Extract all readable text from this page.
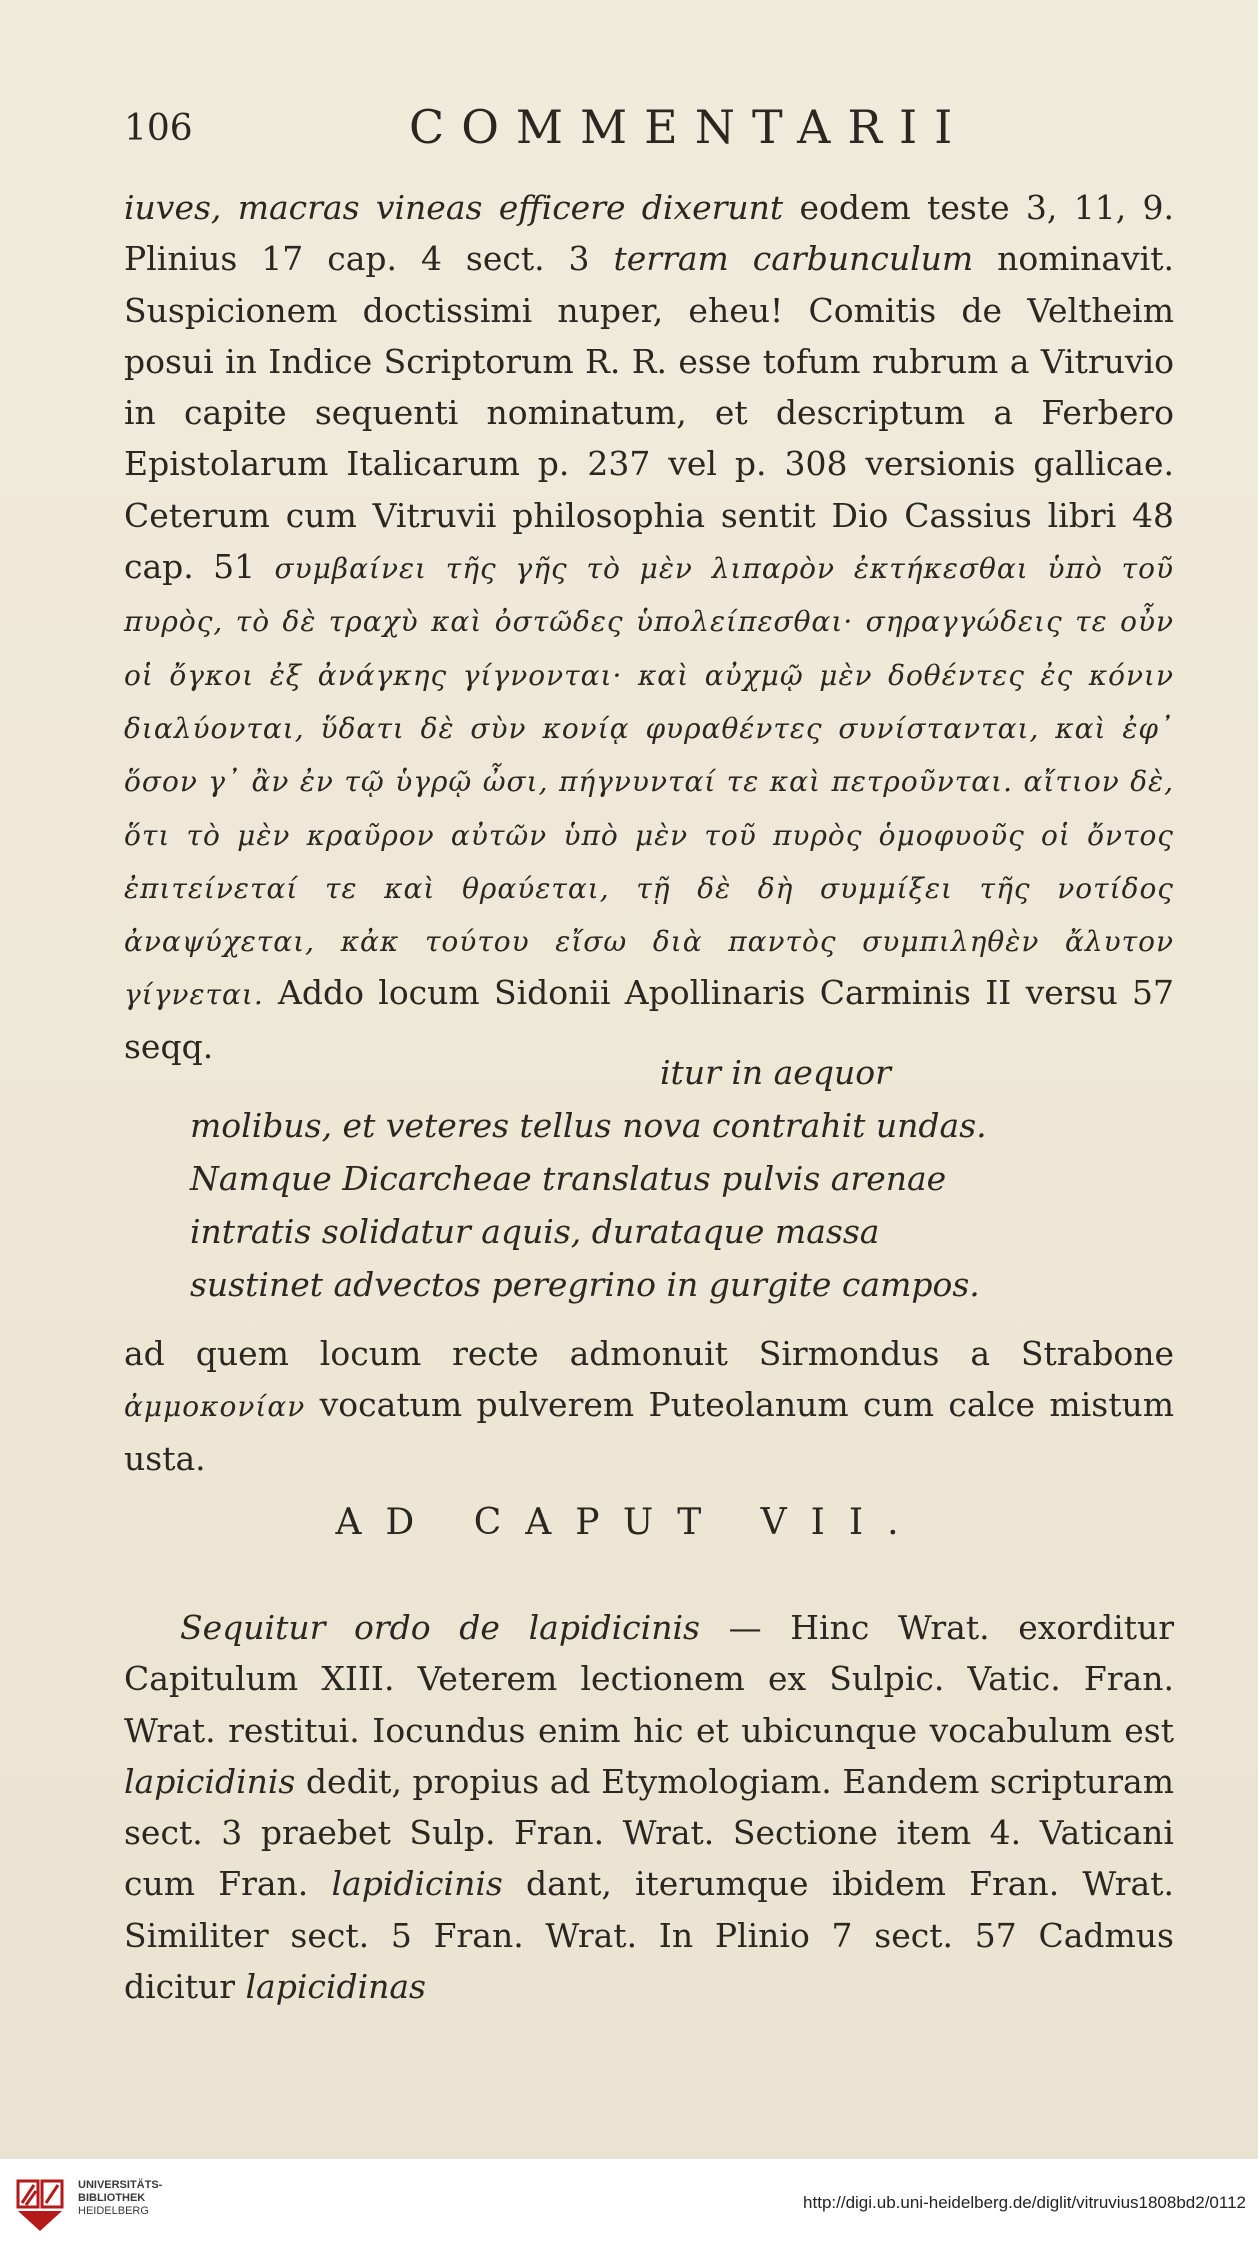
106	COMMENTARII

iuves, macras vineas efficere dixerunt eodem teste 3, 11, 9. Plinius 17 cap. 4 sect. 3 terram carbunculum nominavit. Suspicionem doctissimi nuper, eheu! Comitis de Veltheim posui in Indice Scriptorum R. R. esse tofum rubrum a Vitruvio in capite sequenti nominatum, et descriptum a Ferbero Epistolarum Italicarum p. 237 vel p. 308 versionis gallicae. Ceterum cum Vitruvii philosophia sentit Dio Cassius libri 48 cap. 51 συμβαίνει τῆς γῆς τὸ μὲν λιπαρὸν ἐκτήκεσθαι ὑπὸ τοῦ πυρὸς, τὸ δὲ τραχὺ καὶ ὀστῶδες ὑπολείπεσθαι· σηραγγώδεις τε οὖν οἱ ὄγκοι ἐξ ἀνάγκης γίγνονται· καὶ αὐχμῷ μὲν δοθέντες ἐς κόνιν διαλύονται, ὕδατι δὲ σὺν κονίᾳ φυραθέντες συνίστανται, καὶ ἐφ᾽ ὅσον γ᾽ ἂν ἐν τῷ ὑγρῷ ὦσι, πήγνυνταί τε καὶ πετροῦνται. αἴτιον δὲ, ὅτι τὸ μὲν κραῦρον αὐτῶν ὑπὸ μὲν τοῦ πυρὸς ὁμοφυοῦς οἱ ὄντος ἐπιτείνεταί τε καὶ θραύεται, τῇ δὲ δὴ συμμίξει τῆς νοτίδος ἀναψύχεται, κἀκ τούτου εἴσω διὰ παντὸς συμπιληθὲν ἄλυτον γίγνεται. Addo locum Sidonii Apollinaris Carminis II versu 57 seqq.

itur in aequor
molibus, et veteres tellus nova contrahit undas.
Namque Dicarcheae translatus pulvis arenae
intratis solidatur aquis, durataque massa
sustinet advectos peregrino in gurgite campos.

ad quem locum recte admonuit Sirmondus a Strabone ἀμμοκονίαν vocatum pulverem Puteolanum cum calce mistum usta.

AD CAPUT VII.

Sequitur ordo de lapidicinis — Hinc Wrat. exorditur Capitulum XIII. Veterem lectionem ex Sulpic. Vatic. Fran. Wrat. restitui. Iocundus enim hic et ubicunque vocabulum est lapicidinis dedit, propius ad Etymologiam. Eandem scripturam sect. 3 praebet Sulp. Fran. Wrat. Sectione item 4. Vaticani cum Fran. lapidicinis dant, iterumque ibidem Fran. Wrat. Similiter sect. 5 Fran. Wrat. In Plinio 7 sect. 57 Cadmus dicitur lapicidinas

UNIVERSITÄTS-
BIBLIOTHEK
HEIDELBERG	http://digi.ub.uni-heidelberg.de/diglit/vitruvius1808bd2/0112
